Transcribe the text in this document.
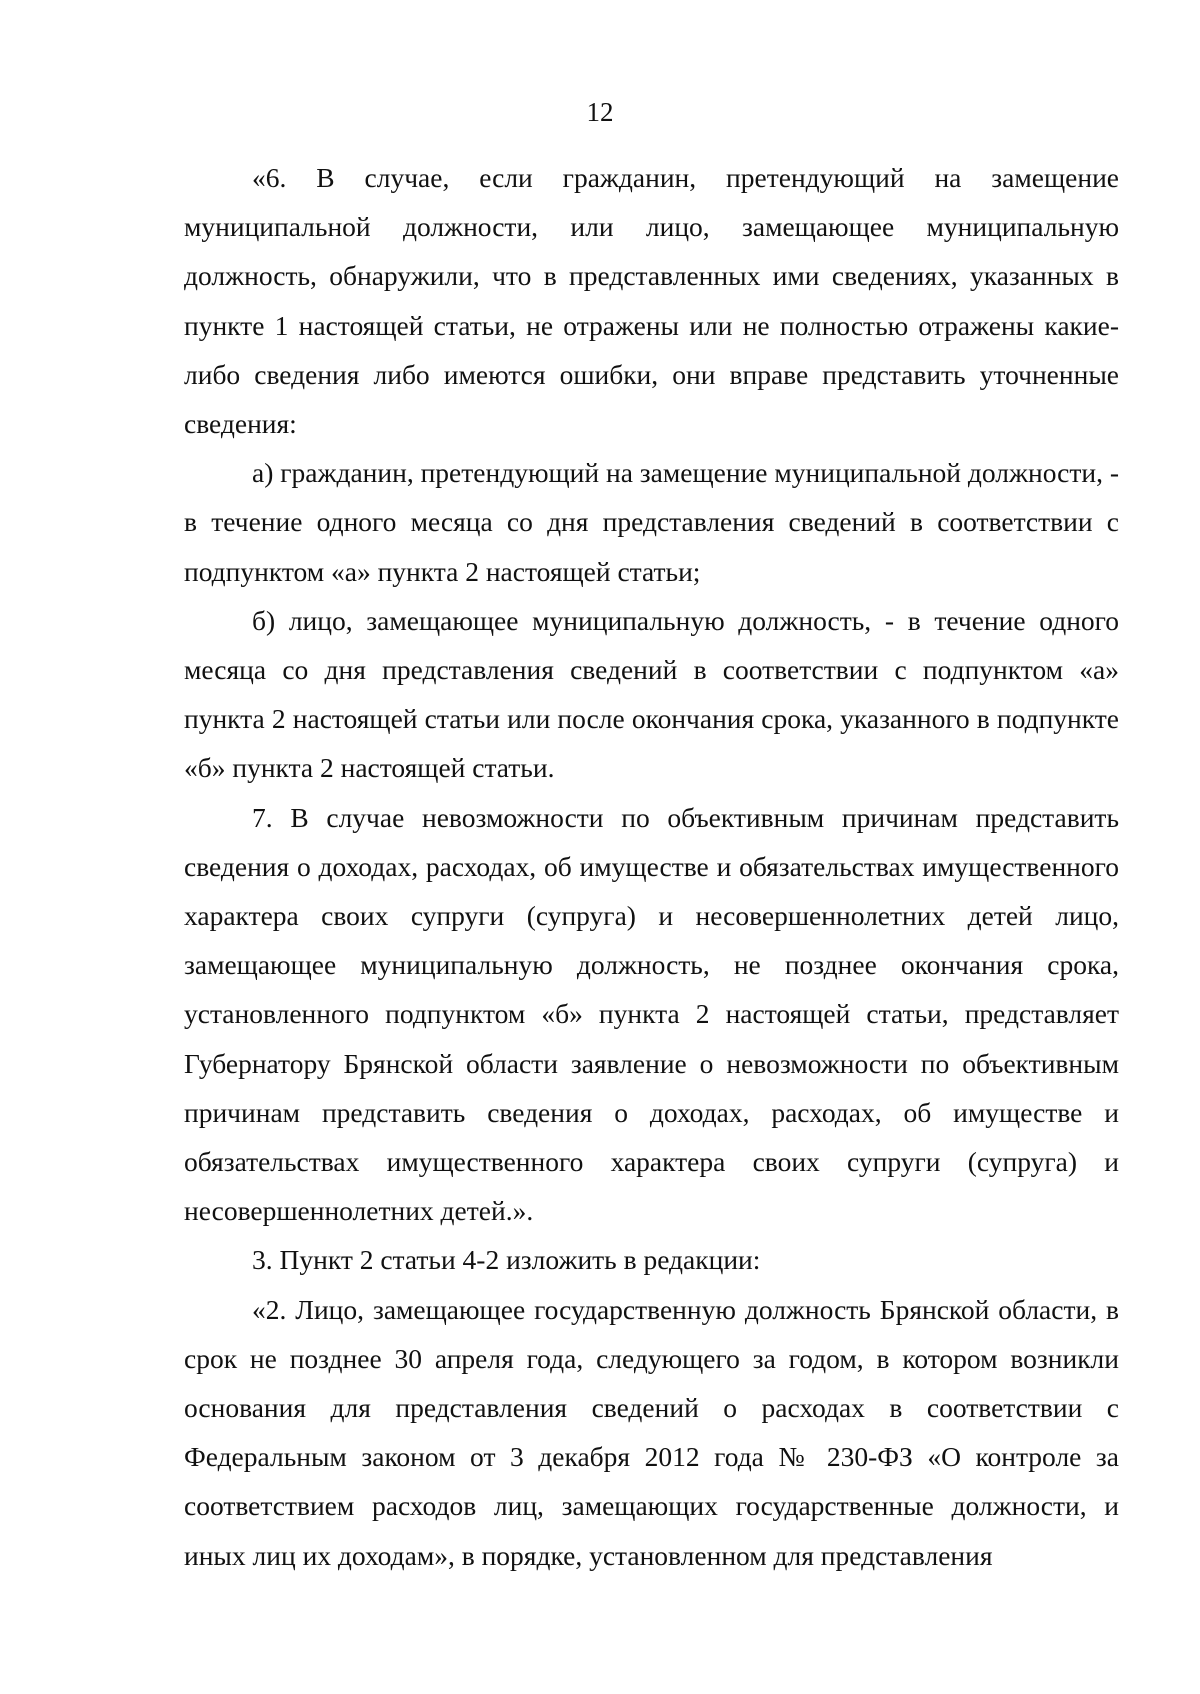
12

«6. В случае, если гражданин, претендующий на замещение муниципальной должности, или лицо, замещающее муниципальную должность, обнаружили, что в представленных ими сведениях, указанных в пункте 1 настоящей статьи, не отражены или не полностью отражены какие-либо сведения либо имеются ошибки, они вправе представить уточненные сведения:

а) гражданин, претендующий на замещение муниципальной должности, - в течение одного месяца со дня представления сведений в соответствии с подпунктом «а» пункта 2 настоящей статьи;

б) лицо, замещающее муниципальную должность, - в течение одного месяца со дня представления сведений в соответствии с подпунктом «а» пункта 2 настоящей статьи или после окончания срока, указанного в подпункте «б» пункта 2 настоящей статьи.

7. В случае невозможности по объективным причинам представить сведения о доходах, расходах, об имуществе и обязательствах имущественного характера своих супруги (супруга) и несовершеннолетних детей лицо, замещающее муниципальную должность, не позднее окончания срока, установленного подпунктом «б» пункта 2 настоящей статьи, представляет Губернатору Брянской области заявление о невозможности по объективным причинам представить сведения о доходах, расходах, об имуществе и обязательствах имущественного характера своих супруги (супруга) и несовершеннолетних детей.».

3. Пункт 2 статьи 4-2 изложить в редакции:

«2. Лицо, замещающее государственную должность Брянской области, в срок не позднее 30 апреля года, следующего за годом, в котором возникли основания для представления сведений о расходах в соответствии с Федеральным законом от 3 декабря 2012 года № 230-ФЗ «О контроле за соответствием расходов лиц, замещающих государственные должности, и иных лиц их доходам», в порядке, установленном для представления
